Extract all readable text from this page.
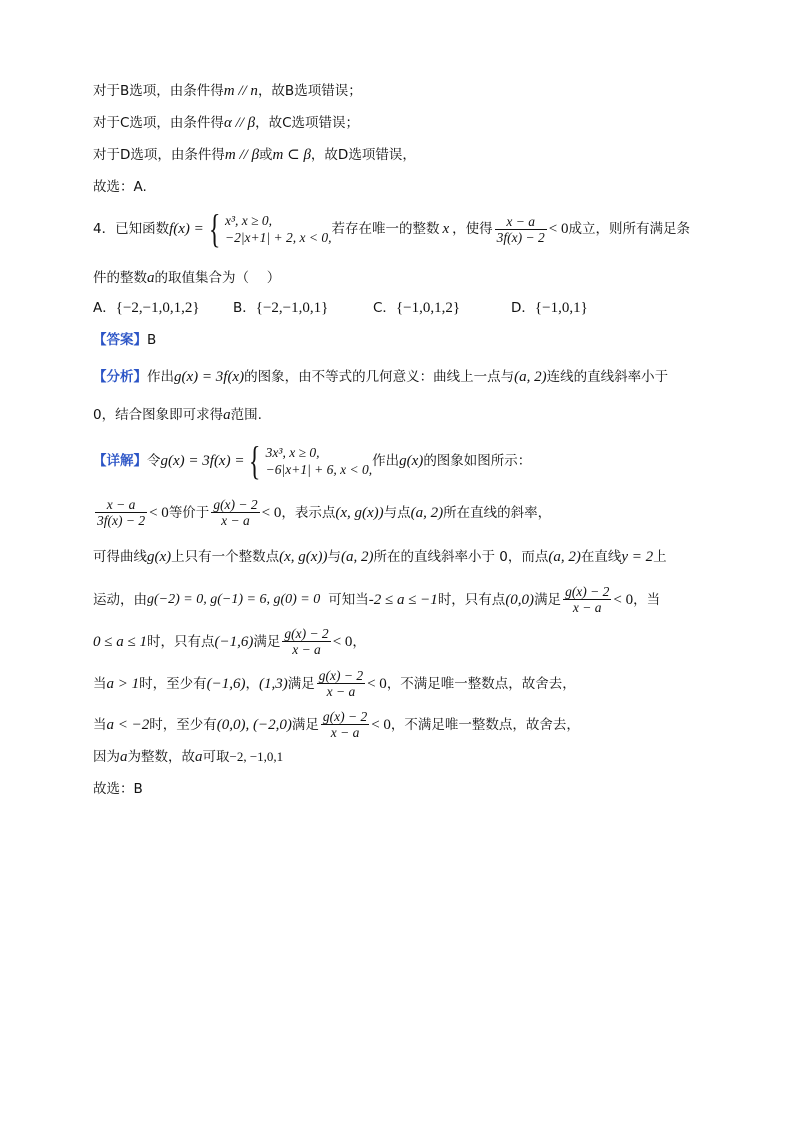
对于B选项，由条件得m // n，故B选项错误；
对于C选项，由条件得α // β，故C选项错误；
对于D选项，由条件得m // β或m ⊂ β，故D选项错误，
故选：A.
4．已知函数 f(x) = { x³, x ≥ 0,
−2|x+1| + 2, x < 0,
若存在唯一的整数 x ，使得 $\frac{x - a}{3f(x) - 2} < 0$ 成立，则所有满足条
件的整数a的取值集合为（　 ）
A．{−2,−1,0,1,2} B．{−2,−1,0,1}	C．{−1,0,1,2}	D．{−1,0,1}
【答案】B
【分析】作出g(x) = 3f(x)的图象，由不等式的几何意义：曲线上一点与(a, 2)连线的直线斜率小于
0，结合图象即可求得a范围.
【详解】 令 g(x) = 3f(x) = { 3x³, x ≥ 0,
−6|x+1| + 6, x < 0,
作出 g(x) 的图象如图所示：
$\frac{x - a}{3f(x) - 2} < 0$ 等价于 $\frac{g(x) - 2}{x - a} < 0$ ，表示点 (x, g(x)) 与点 (a, 2) 所在直线的斜率，
可得曲线g(x)上只有一个整数点(x, g(x))与(a, 2)所在的直线斜率小于 0，而点(a, 2)在直线y = 2上
运动，由 g(−2) = 0, g(−1) = 6, g(0) = 0 可知当 -2 ≤ a ≤ −1 时，只有点 (0,0) 满足 $\frac{g(x) - 2}{x - a} < 0$ ，当
0 ≤ a ≤ 1 时，只有点 (−1,6) 满足 $\frac{g(x) - 2}{x - a} < 0$ ，
当 a > 1 时，至少有 (−1,6) ， (1,3) 满足 $\frac{g(x) - 2}{x - a} < 0$ ，不满足唯一整数点，故舍去，
当 a < −2 时，至少有 (0,0), (−2,0) 满足 $\frac{g(x) - 2}{x - a} < 0$ ，不满足唯一整数点，故舍去，
因为a为整数，故a可取−2, −1,0,1
故选：B
